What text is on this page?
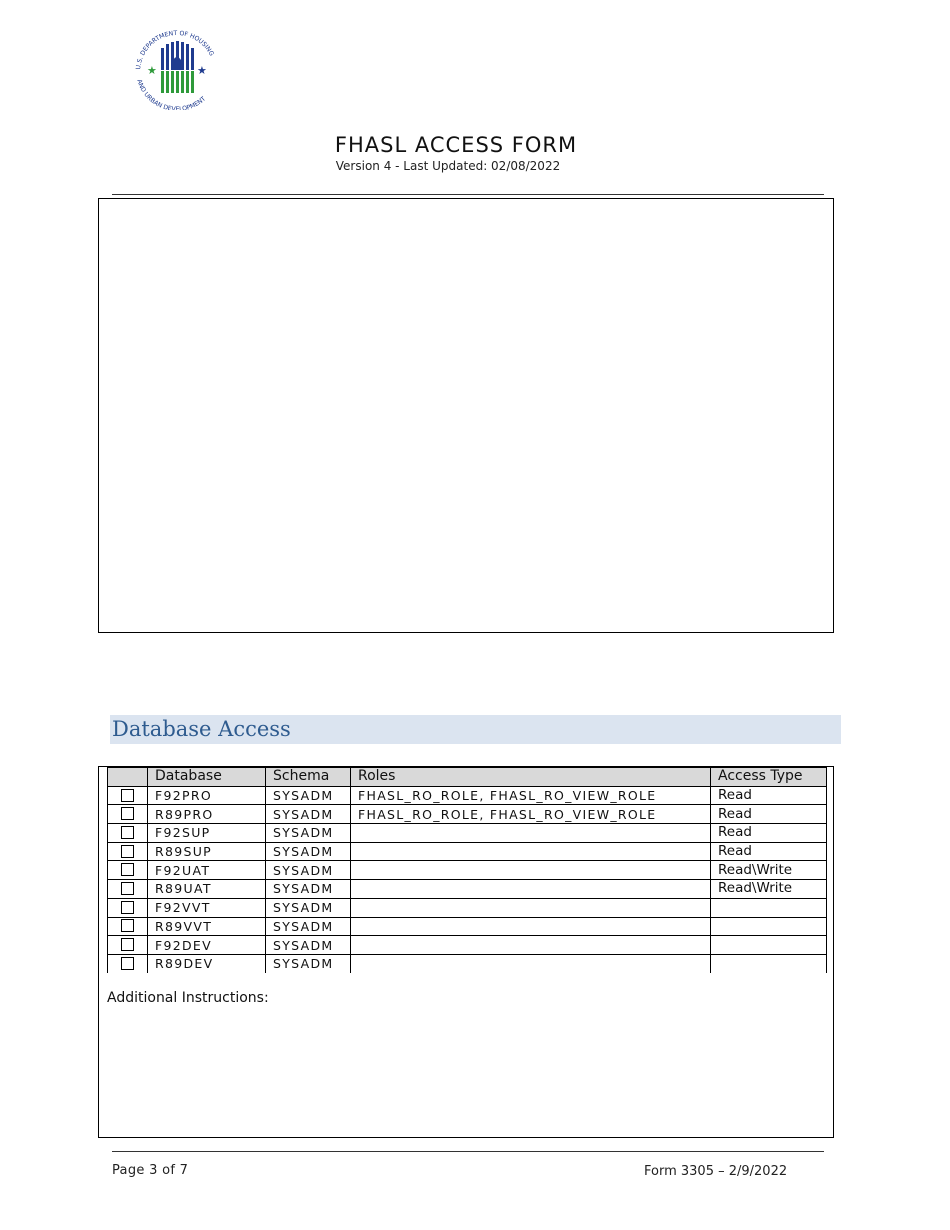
U.S. DEPARTMENT OF HOUSING
AND URBAN DEVELOPMENT
★	★
FHASL ACCESS FORM
Version 4 - Last Updated: 02/08/2022
Database Access
	Database	Schema	Roles	Access Type
	F92PRO	SYSADM	FHASL_RO_ROLE, FHASL_RO_VIEW_ROLE	Read
	R89PRO	SYSADM	FHASL_RO_ROLE, FHASL_RO_VIEW_ROLE	Read
	F92SUP	SYSADM		Read
	R89SUP	SYSADM		Read
	F92UAT	SYSADM		Read\Write
	R89UAT	SYSADM		Read\Write
	F92VVT	SYSADM		
	R89VVT	SYSADM		
	F92DEV	SYSADM		
	R89DEV	SYSADM		
Additional Instructions:
Page 3 of 7	Form 3305 – 2/9/2022
